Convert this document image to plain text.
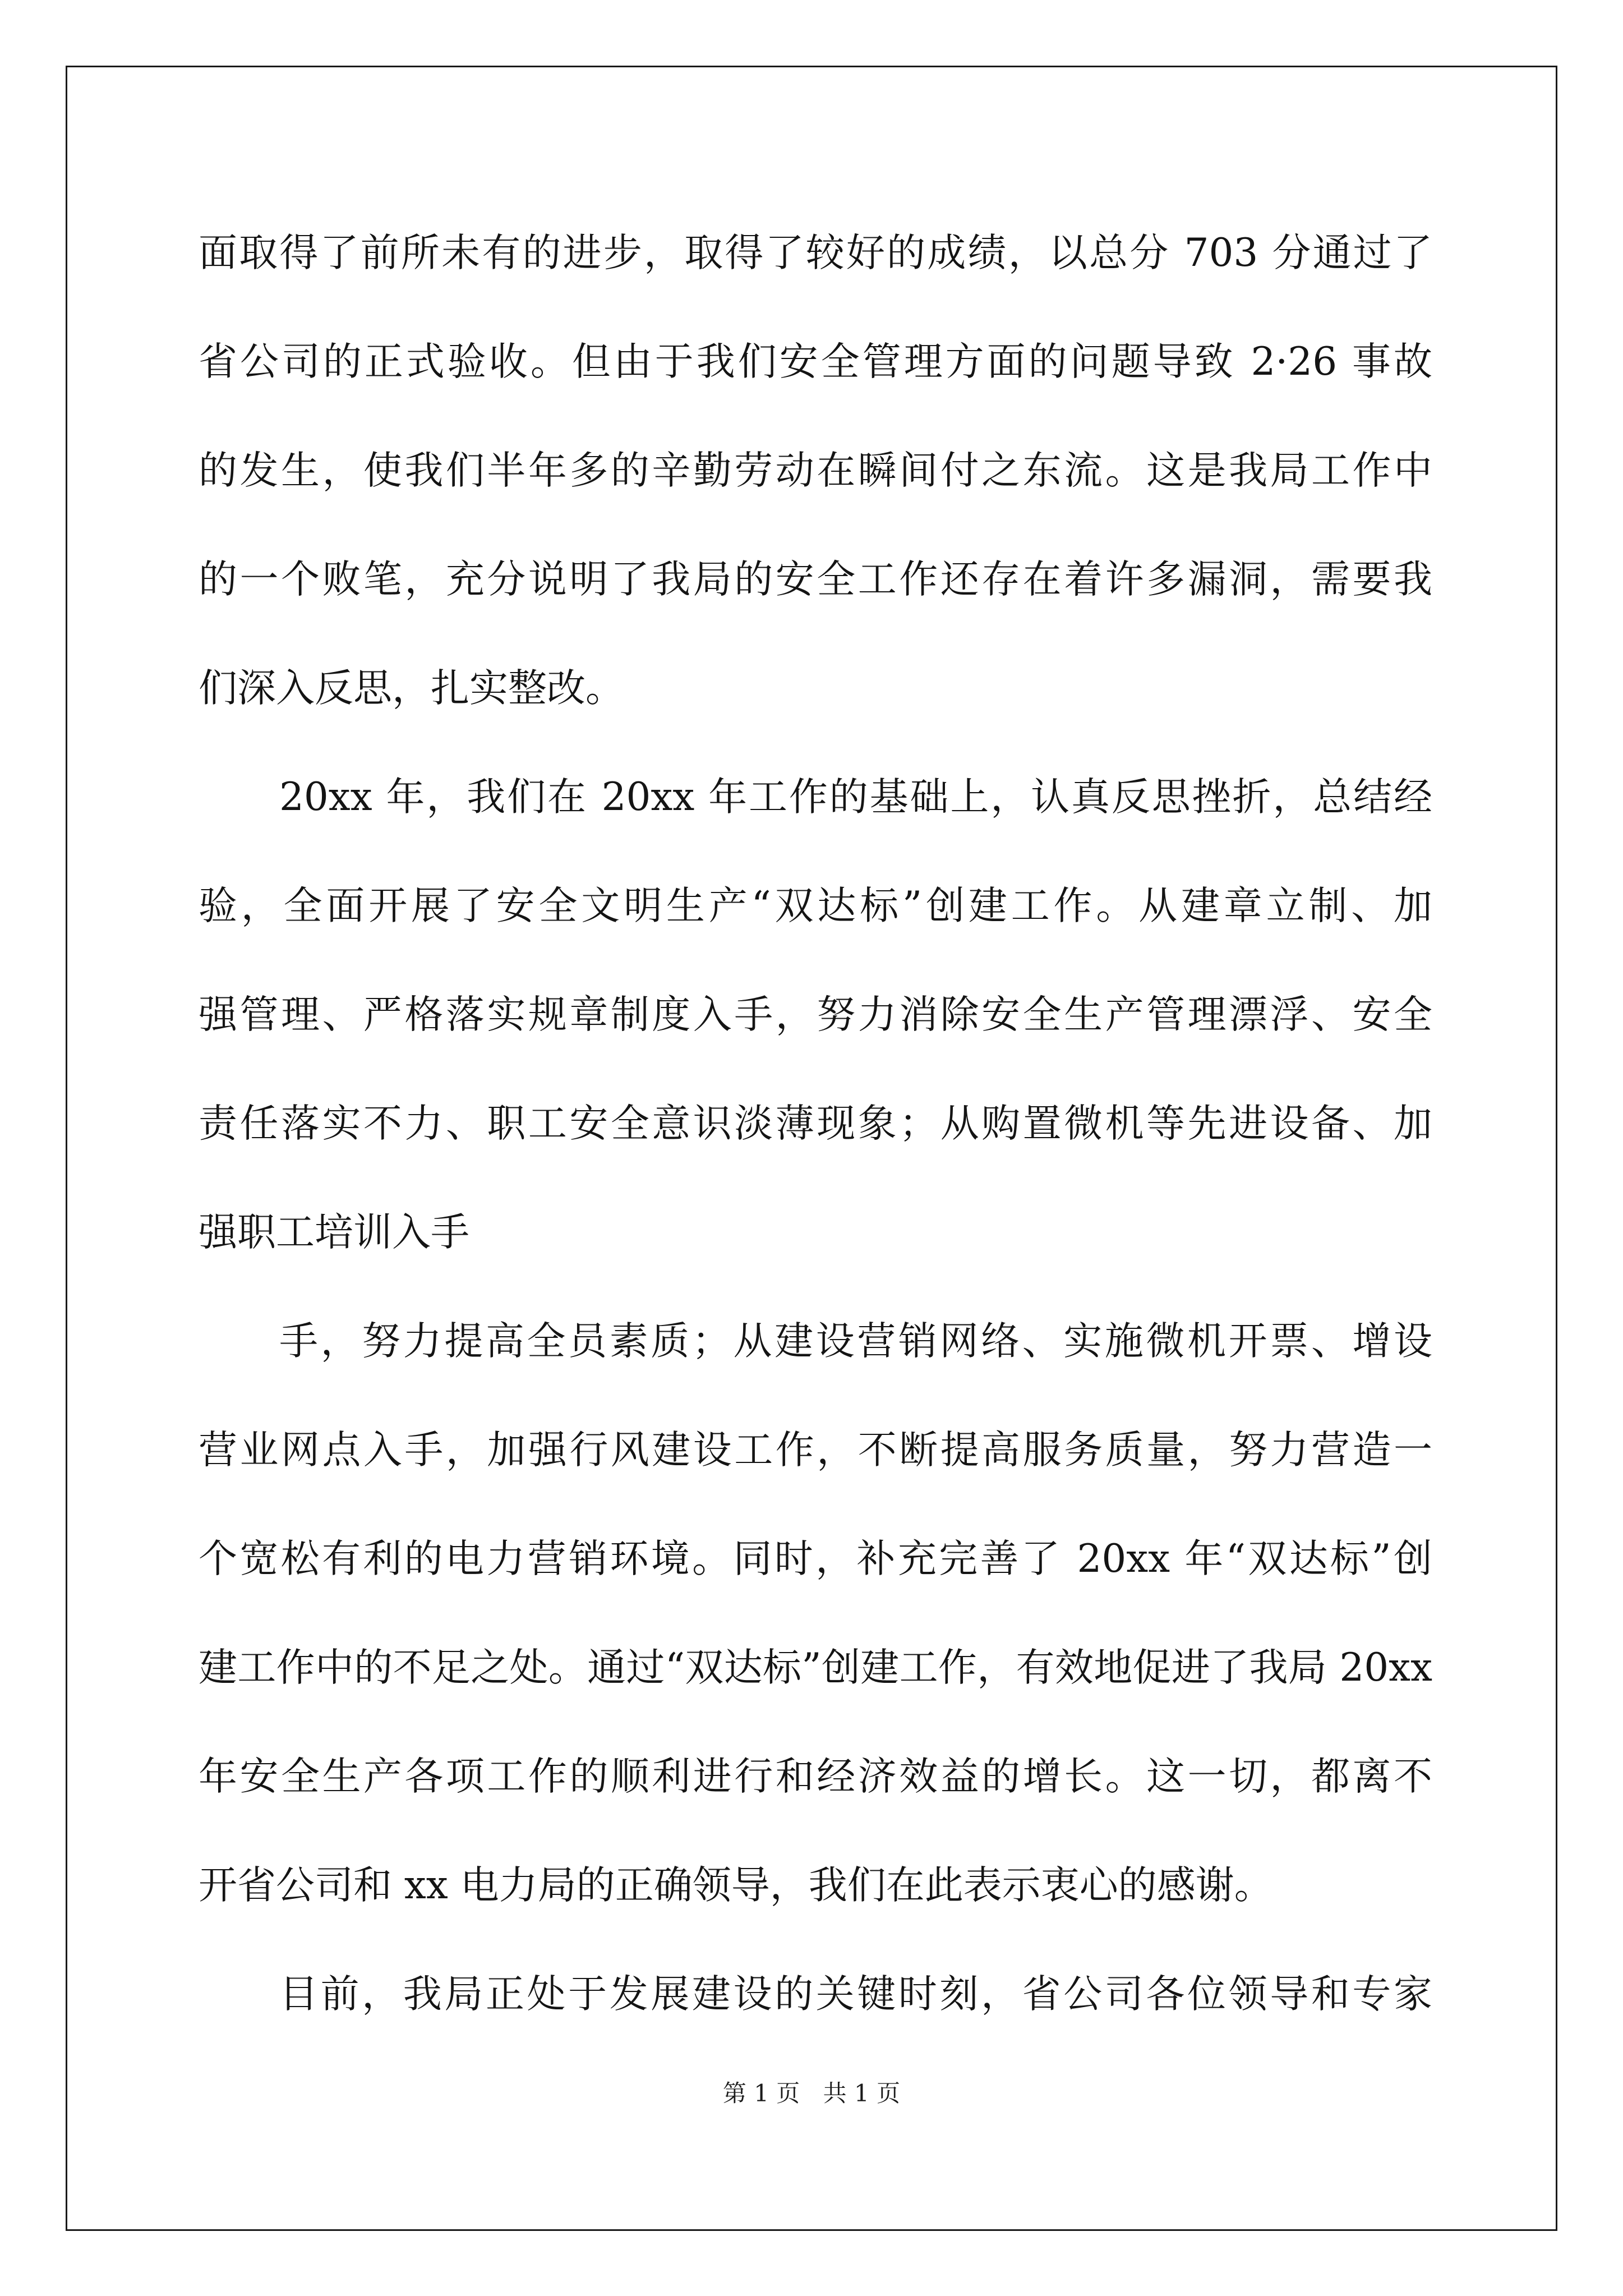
面取得了前所未有的进步，取得了较好的成绩，以总分 703 分通过了
省公司的正式验收。但由于我们安全管理方面的问题导致 2·26 事故
的发生，使我们半年多的辛勤劳动在瞬间付之东流。这是我局工作中
的一个败笔，充分说明了我局的安全工作还存在着许多漏洞，需要我
们深入反思，扎实整改。
20xx 年，我们在 20xx 年工作的基础上，认真反思挫折，总结经
验，全面开展了安全文明生产“双达标”创建工作。从建章立制、加
强管理、严格落实规章制度入手，努力消除安全生产管理漂浮、安全
责任落实不力、职工安全意识淡薄现象；从购置微机等先进设备、加
强职工培训入手
手，努力提高全员素质；从建设营销网络、实施微机开票、增设
营业网点入手，加强行风建设工作，不断提高服务质量，努力营造一
个宽松有利的电力营销环境。同时，补充完善了 20xx 年“双达标”创
建工作中的不足之处。通过“双达标”创建工作，有效地促进了我局 20xx
年安全生产各项工作的顺利进行和经济效益的增长。这一切，都离不
开省公司和 xx 电力局的正确领导，我们在此表示衷心的感谢。
目前，我局正处于发展建设的关键时刻，省公司各位领导和专家
第 1 页 共 1 页
